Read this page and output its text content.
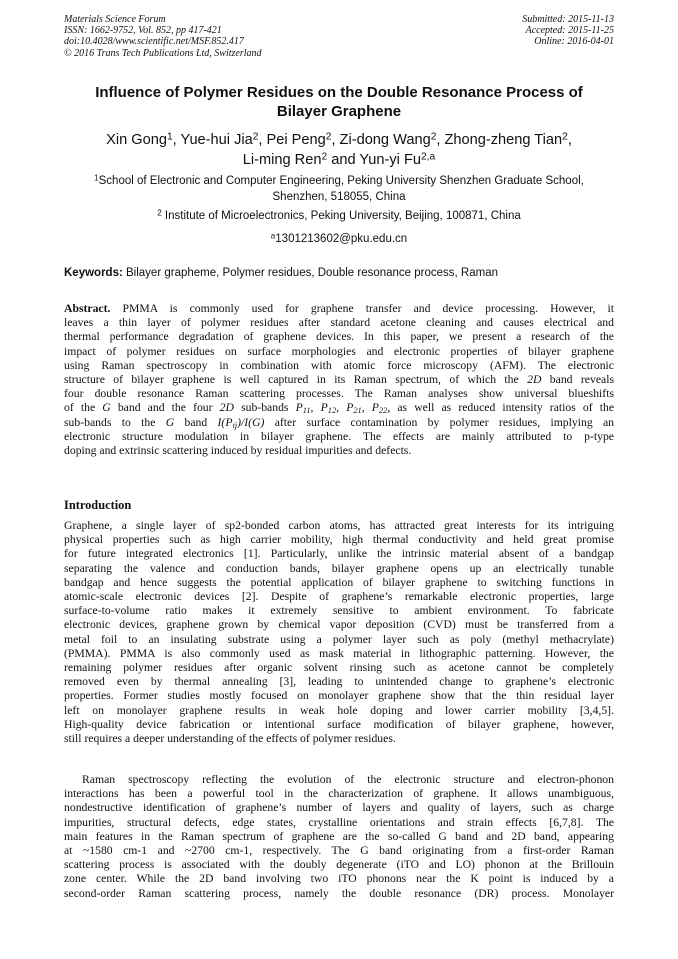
Materials Science Forum
ISSN: 1662-9752, Vol. 852, pp 417-421
doi:10.4028/www.scientific.net/MSF.852.417
© 2016 Trans Tech Publications Ltd, Switzerland
Submitted: 2015-11-13
Accepted: 2015-11-25
Online: 2016-04-01
Influence of Polymer Residues on the Double Resonance Process of
Bilayer Graphene
Xin Gong$^1$, Yue-hui Jia$^2$, Pei Peng$^2$, Zi-dong Wang$^2$, Zhong-zheng Tian$^2$,
Li-ming Ren$^2$ and Yun-yi Fu$^{2,a}$
$^1$School of Electronic and Computer Engineering, Peking University Shenzhen Graduate School,
Shenzhen, 518055, China
$^2$ Institute of Microelectronics, Peking University, Beijing, 100871, China
$^a$1301213602@pku.edu.cn
Keywords: Bilayer grapheme, Polymer residues, Double resonance process, Raman
Abstract. PMMA is commonly used for graphene transfer and device processing. However, it
leaves a thin layer of polymer residues after standard acetone cleaning and causes electrical and
thermal performance degradation of graphene devices. In this paper, we present a research of the
impact of polymer residues on surface morphologies and electronic properties of bilayer graphene
using Raman spectroscopy in combination with atomic force microscopy (AFM). The electronic
structure of bilayer graphene is well captured in its Raman spectrum, of which the 2D band reveals
four double resonance Raman scattering processes. The Raman analyses show universal blueshifts
of the G band and the four 2D sub-bands P11, P12, P21, P22, as well as reduced intensity ratios of the
sub-bands to the G band I(Pij)/I(G) after surface contamination by polymer residues, implying an
electronic structure modulation in bilayer graphene. The effects are mainly attributed to p-type
doping and extrinsic scattering induced by residual impurities and defects.
Introduction
Graphene, a single layer of sp2-bonded carbon atoms, has attracted great interests for its intriguing
physical properties such as high carrier mobility, high thermal conductivity and held great promise
for future integrated electronics [1]. Particularly, unlike the intrinsic material absent of a bandgap
separating the valence and conduction bands, bilayer graphene opens up an electrically tunable
bandgap and hence suggests the potential application of bilayer graphene to switching functions in
atomic-scale electronic devices [2]. Despite of graphene’s remarkable electronic properties, large
surface-to-volume ratio makes it extremely sensitive to ambient environment. To fabricate
electronic devices, graphene grown by chemical vapor deposition (CVD) must be transferred from a
metal foil to an insulating substrate using a polymer layer such as poly (methyl methacrylate)
(PMMA). PMMA is also commonly used as mask material in lithographic patterning. However, the
remaining polymer residues after organic solvent rinsing such as acetone cannot be completely
removed even by thermal annealing [3], leading to unintended change to graphene’s electronic
properties. Former studies mostly focused on monolayer graphene show that the thin residual layer
left on monolayer graphene results in weak hole doping and lower carrier mobility [3,4,5].
High-quality device fabrication or intentional surface modification of bilayer graphene, however,
still requires a deeper understanding of the effects of polymer residues.
Raman spectroscopy reflecting the evolution of the electronic structure and electron-phonon
interactions has been a powerful tool in the characterization of graphene. It allows unambiguous,
nondestructive identification of graphene’s number of layers and quality of layers, such as charge
impurities, structural defects, edge states, crystalline orientations and strain effects [6,7,8]. The
main features in the Raman spectrum of graphene are the so-called G band and 2D band, appearing
at ~1580 cm-1 and ~2700 cm-1, respectively. The G band originating from a first-order Raman
scattering process is associated with the doubly degenerate (iTO and LO) phonon at the Brillouin
zone center. While the 2D band involving two iTO phonons near the K point is induced by a
second-order Raman scattering process, namely the double resonance (DR) process. Monolayer
